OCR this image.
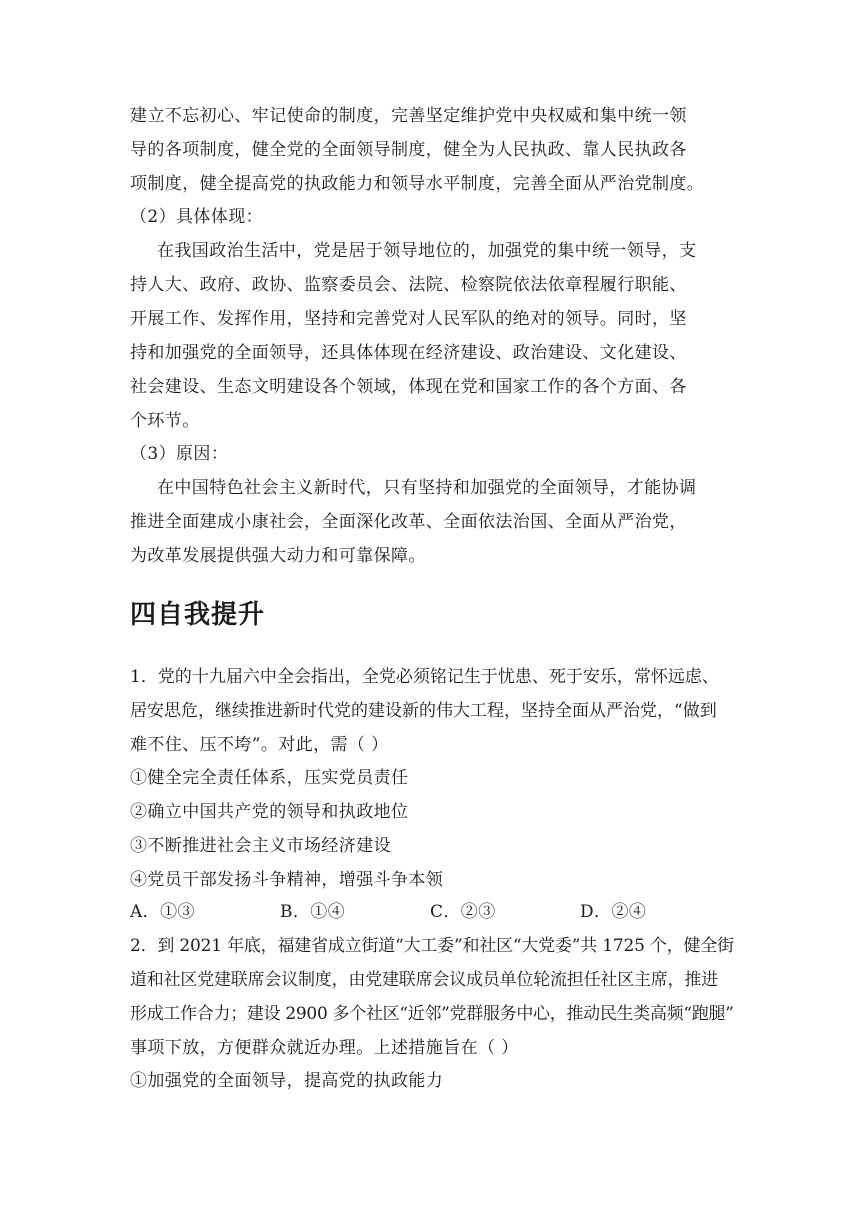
建立不忘初心、牢记使命的制度，完善坚定维护党中央权威和集中统一领
导的各项制度，健全党的全面领导制度，健全为人民执政、靠人民执政各
项制度，健全提高党的执政能力和领导水平制度，完善全面从严治党制度。
（2）具体体现：
在我国政治生活中，党是居于领导地位的，加强党的集中统一领导，支
持人大、政府、政协、监察委员会、法院、检察院依法依章程履行职能、
开展工作、发挥作用，坚持和完善党对人民军队的绝对的领导。同时，坚
持和加强党的全面领导，还具体体现在经济建设、政治建设、文化建设、
社会建设、生态文明建设各个领域，体现在党和国家工作的各个方面、各
个环节。
（3）原因：
在中国特色社会主义新时代，只有坚持和加强党的全面领导，才能协调
推进全面建成小康社会，全面深化改革、全面依法治国、全面从严治党，
为改革发展提供强大动力和可靠保障。
四自我提升
1．党的十九届六中全会指出，全党必须铭记生于忧患、死于安乐，常怀远虑、
居安思危，继续推进新时代党的建设新的伟大工程，坚持全面从严治党，“做到
难不住、压不垮”。对此，需（ ）
①健全完全责任体系，压实党员责任
②确立中国共产党的领导和执政地位
③不断推进社会主义市场经济建设
④党员干部发扬斗争精神，增强斗争本领
A．①③	B．①④	C．②③	D．②④
2．到 2021 年底，福建省成立街道“大工委”和社区“大党委”共 1725 个，健全街
道和社区党建联席会议制度，由党建联席会议成员单位轮流担任社区主席，推进
形成工作合力；建设 2900 多个社区“近邻”党群服务中心，推动民生类高频“跑腿”
事项下放，方便群众就近办理。上述措施旨在（ ）
①加强党的全面领导，提高党的执政能力
